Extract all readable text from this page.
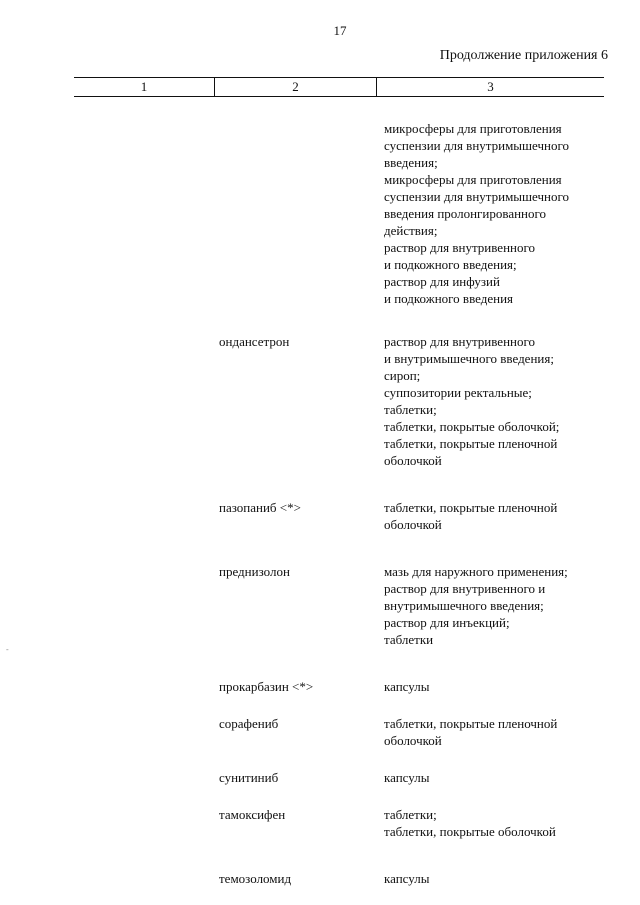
17
Продолжение приложения 6
1	2	3
-
микросферы для приготовления
суспензии для внутримышечного
введения;
микросферы для приготовления
суспензии для внутримышечного
введения пролонгированного
действия;
раствор для внутривенного
и подкожного введения;
раствор для инфузий
и подкожного введения
ондансетрон	раствор для внутривенного
и внутримышечного введения;
сироп;
суппозитории ректальные;
таблетки;
таблетки, покрытые оболочкой;
таблетки, покрытые пленочной
оболочкой
пазопаниб <*>	таблетки, покрытые пленочной
оболочкой
преднизолон	мазь для наружного применения;
раствор для внутривенного и
внутримышечного введения;
раствор для инъекций;
таблетки
прокарбазин <*>	капсулы
сорафениб	таблетки, покрытые пленочной
оболочкой
сунитиниб	капсулы
тамоксифен	таблетки;
таблетки, покрытые оболочкой
темозоломид	капсулы
